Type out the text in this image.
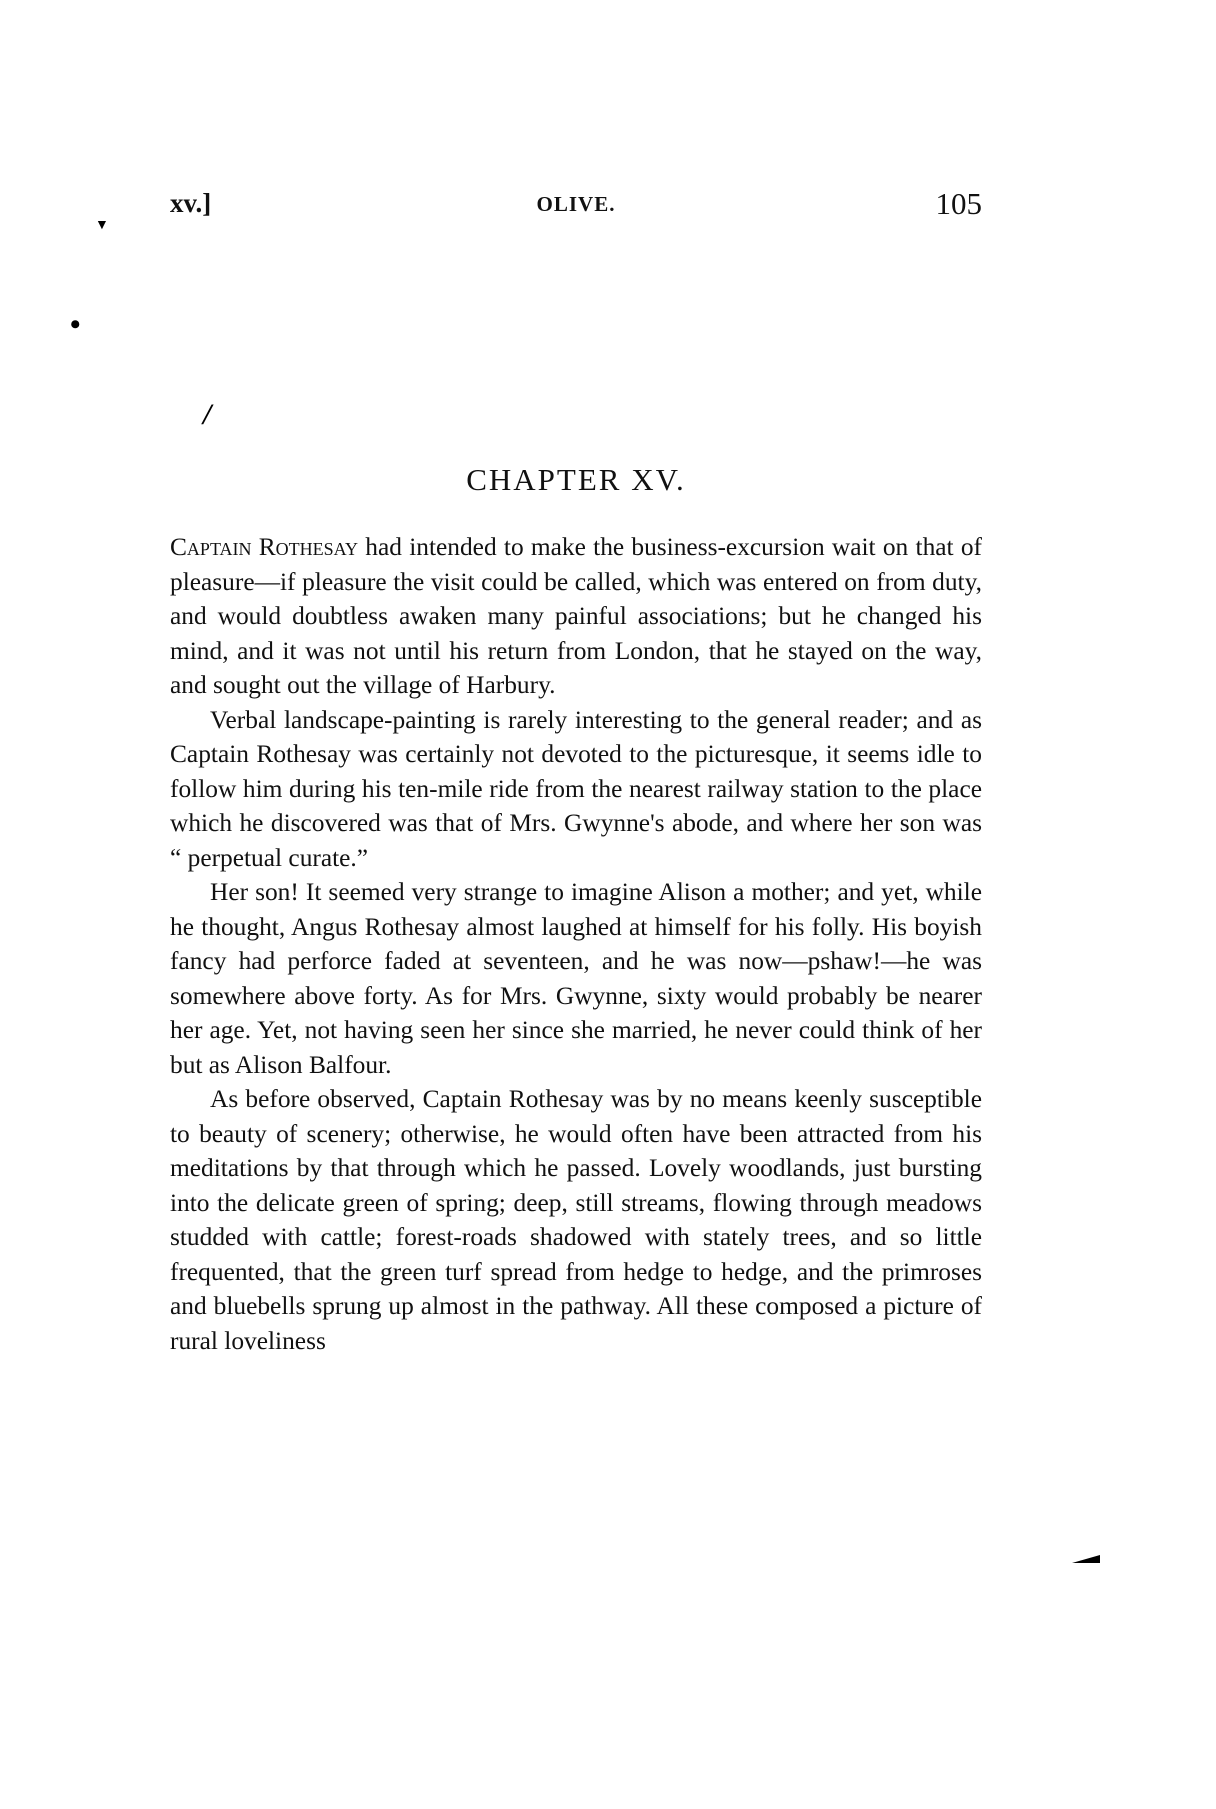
xv.]	OLIVE.	105
▼
•
/
CHAPTER XV.

Captain Rothesay had intended to make the business-excursion wait on that of pleasure—if pleasure the visit could be called, which was entered on from duty, and would doubtless awaken many painful associations; but he changed his mind, and it was not until his return from London, that he stayed on the way, and sought out the village of Harbury.

Verbal landscape-painting is rarely interesting to the general reader; and as Captain Rothesay was certainly not devoted to the picturesque, it seems idle to follow him during his ten-mile ride from the nearest railway station to the place which he discovered was that of Mrs. Gwynne's abode, and where her son was “ perpetual curate.”

Her son! It seemed very strange to imagine Alison a mother; and yet, while he thought, Angus Rothesay almost laughed at himself for his folly. His boyish fancy had perforce faded at seventeen, and he was now—pshaw!—he was somewhere above forty. As for Mrs. Gwynne, sixty would probably be nearer her age. Yet, not having seen her since she married, he never could think of her but as Alison Balfour.

As before observed, Captain Rothesay was by no means keenly susceptible to beauty of scenery; otherwise, he would often have been attracted from his meditations by that through which he passed. Lovely woodlands, just bursting into the delicate green of spring; deep, still streams, flowing through meadows studded with cattle; forest-roads shadowed with stately trees, and so little frequented, that the green turf spread from hedge to hedge, and the primroses and bluebells sprung up almost in the pathway. All these composed a picture of rural loveliness
